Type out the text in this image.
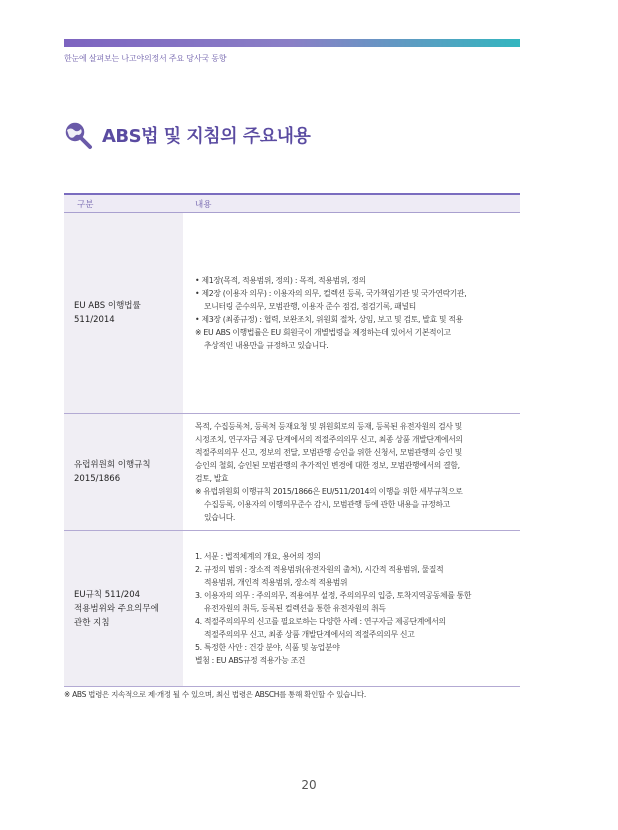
한눈에 살펴보는 나고야의정서 주요 당사국 동향
ABS법 및 지침의 주요내용
구분	내용
EU ABS 이행법률
511/2014
• 제1장(목적, 적용범위, 정의) : 목적, 적용범위, 정의
• 제2장 (이용자 의무) : 이용자의 의무, 컬렉션 등록, 국가책임기관 및 국가연락기관,
모니터링 준수의무, 모범관행, 이용자 준수 점검, 점검기록, 패널티
• 제3장 (최종규정) : 협력, 보완조치, 위원회 절차, 상임, 보고 및 검토, 발효 및 적용
※ EU ABS 이행법률은 EU 회원국이 개별법령을 제정하는데 있어서 기본적이고
추상적인 내용만을 규정하고 있습니다.
유럽위원회 이행규칙
2015/1866
목적, 수집등록처, 등록처 등재요청 및 위원회로의 등재, 등록된 유전자원의 검사 및
시정조치, 연구자금 제공 단계에서의 적절주의의무 신고, 최종 상품 개발단계에서의
적절주의의무 신고, 정보의 전달, 모범관행 승인을 위한 신청서, 모범관행의 승인 및
승인의 철회, 승인된 모범관행의 추가적인 변경에 대한 정보, 모범관행에서의 결함,
검토, 발효
※ 유럽위원회 이행규칙 2015/1866은 EU/511/2014의 이행을 위한 세부규칙으로
수집등록, 이용자의 이행의무준수 감시, 모범관행 등에 관한 내용을 규정하고
있습니다.
EU규칙 511/204
적용범위와 주요의무에
관한 지침
1. 서문 : 법적체계의 개요, 용어의 정의
2. 규정의 범위 : 장소적 적용범위(유전자원의 출처), 시간적 적용범위, 물질적
적용범위, 개인적 적용범위, 장소적 적용범위
3. 이용자의 의무 : 주의의무, 적용여부 설정, 주의의무의 입증, 토착지역공동체를 통한
유전자원의 취득, 등록된 컬렉션을 통한 유전자원의 취득
4. 적절주의의무의 신고를 필요로하는 다양한 사례 : 연구자금 제공단계에서의
적절주의의무 신고, 최종 상품 개발단계에서의 적절주의의무 신고
5. 특정한 사안 : 건강 분야, 식품 및 농업분야
별첨 : EU ABS규정 적용가능 조건
※ ABS 법령은 지속적으로 제·개정 될 수 있으며, 최신 법령은 ABSCH를 통해 확인할 수 있습니다.
20
